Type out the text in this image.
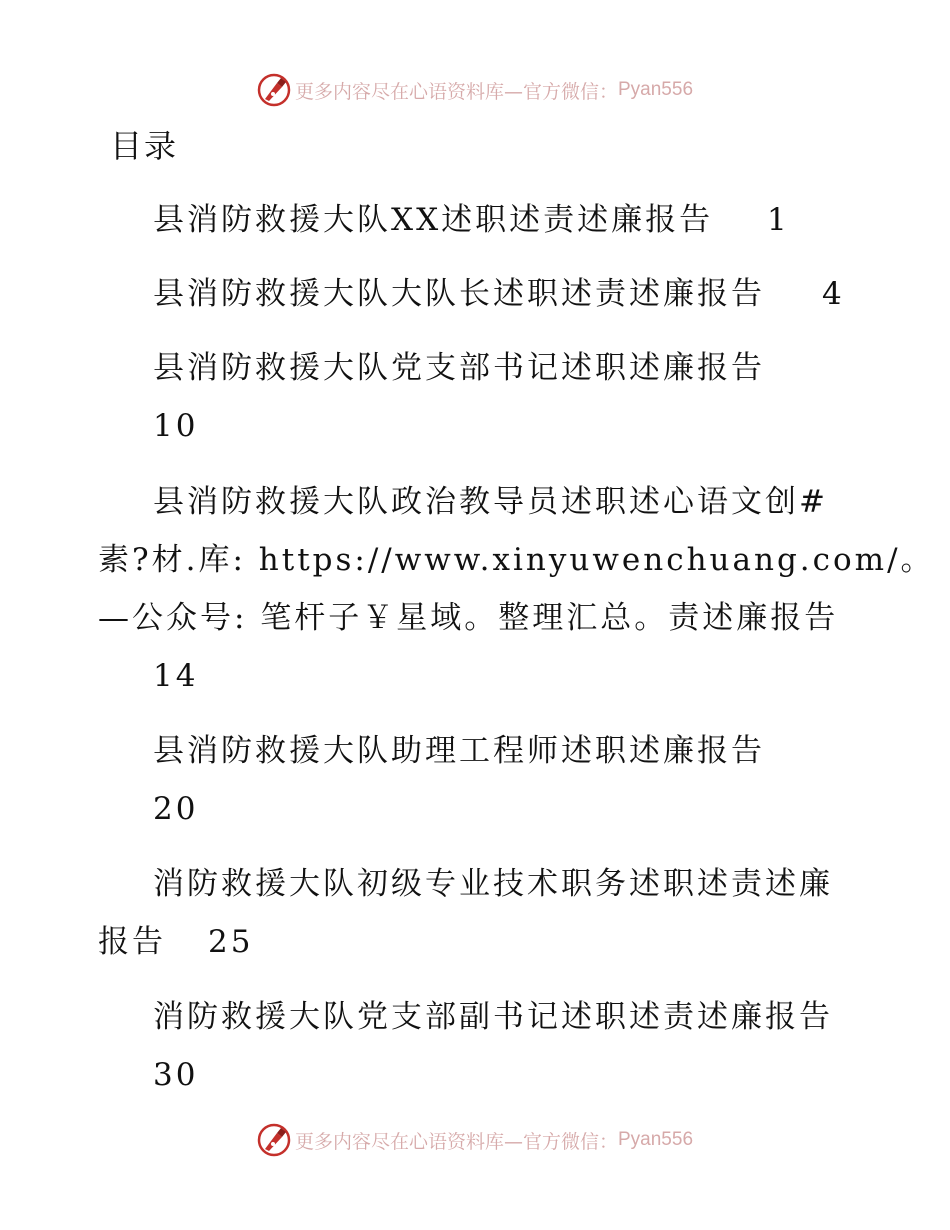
更多内容尽在心语资料库—官方微信： Pyan556
目录
县消防救援大队XX述职述责述廉报告 1
县消防救援大队大队长述职述责述廉报告 4
县消防救援大队党支部书记述职述廉报告
10
县消防救援大队政治教导员述职述心语文创#
素?材.库: https://www.xinyuwenchuang.com/。
—公众号: 笔杆子￥星域。整理汇总。责述廉报告
14
县消防救援大队助理工程师述职述廉报告
20
消防救援大队初级专业技术职务述职述责述廉
报告 25
消防救援大队党支部副书记述职述责述廉报告
30
更多内容尽在心语资料库—官方微信： Pyan556
